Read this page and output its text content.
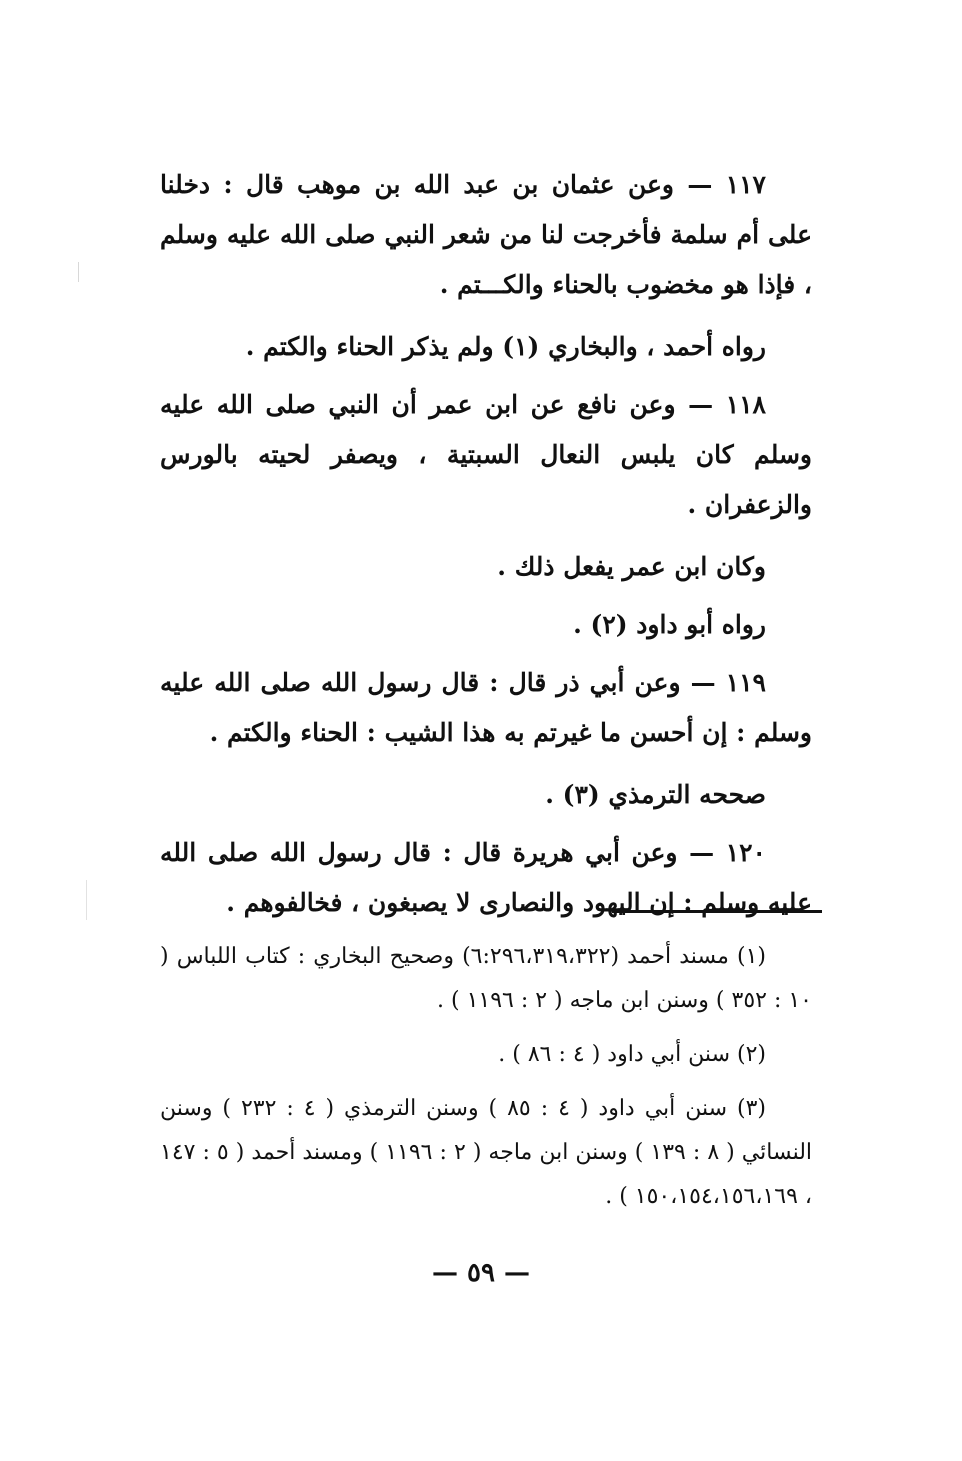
١١٧ — وعن عثمان بن عبد الله بن موهب قال : دخلنا على أم سلمة فأخرجت لنا من شعر النبي صلى الله عليه وسلم ، فإذا هو مخضوب بالحناء والكـــتم .

رواه أحمد ، والبخاري (١) ولم يذكر الحناء والكتم .

١١٨ — وعن نافع عن ابن عمر أن النبي صلى الله عليه وسلم كان يلبس النعال السبتية ، ويصفر لحيته بالورس والزعفران .

وكان ابن عمر يفعل ذلك .

رواه أبو داود (٢) .

١١٩ — وعن أبي ذر قال : قال رسول الله صلى الله عليه وسلم : إن أحسن ما غيرتم به هذا الشيب : الحناء والكتم .

صححه الترمذي (٣) .

١٢٠ — وعن أبي هريرة قال : قال رسول الله صلى الله عليه وسلم : إن اليهود والنصارى لا يصبغون ، فخالفوهم .

(١) مسند أحمد (٦:٢٩٦،٣١٩،٣٢٢) وصحيح البخاري : كتاب اللباس ( ١٠ : ٣٥٢ ) وسنن ابن ماجه ( ٢ : ١١٩٦ ) .

(٢) سنن أبي داود ( ٤ : ٨٦ ) .

(٣) سنن أبي داود ( ٤ : ٨٥ ) وسنن الترمذي ( ٤ : ٢٣٢ ) وسنن النسائي ( ٨ : ١٣٩ ) وسنن ابن ماجه ( ٢ : ١١٩٦ ) ومسند أحمد ( ٥ : ١٤٧ ، ١٥٠،١٥٤،١٥٦،١٦٩ ) .

— ٥٩ —
